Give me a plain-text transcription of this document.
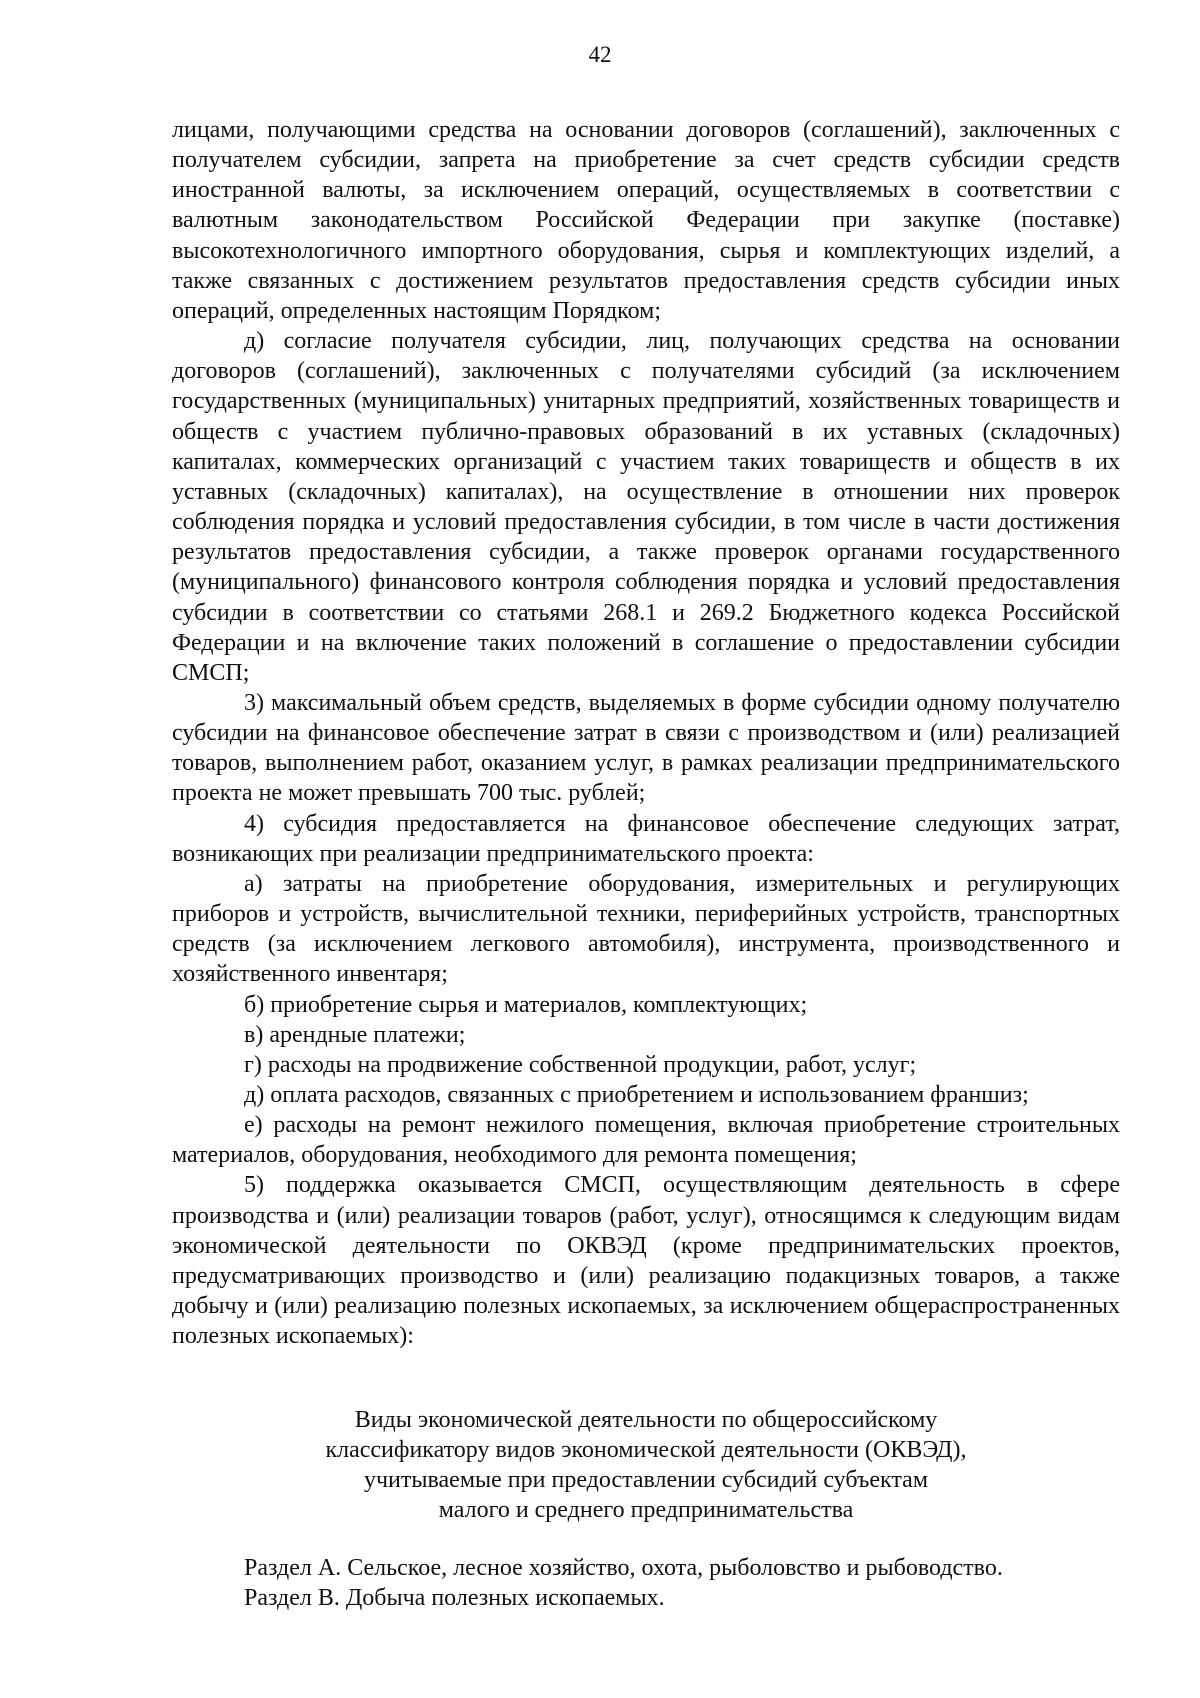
42

лицами, получающими средства на основании договоров (соглашений), заключенных с получателем субсидии, запрета на приобретение за счет средств субсидии средств иностранной валюты, за исключением операций, осуществляемых в соответствии с валютным законодательством Российской Федерации при закупке (поставке) высокотехнологичного импортного оборудования, сырья и комплектующих изделий, а также связанных с достижением результатов предоставления средств субсидии иных операций, определенных настоящим Порядком;

д) согласие получателя субсидии, лиц, получающих средства на основании договоров (соглашений), заключенных с получателями субсидий (за исключением государственных (муниципальных) унитарных предприятий, хозяйственных товариществ и обществ с участием публично-правовых образований в их уставных (складочных) капиталах, коммерческих организаций с участием таких товариществ и обществ в их уставных (складочных) капиталах), на осуществление в отношении них проверок соблюдения порядка и условий предоставления субсидии, в том числе в части достижения результатов предоставления субсидии, а также проверок органами государственного (муниципального) финансового контроля соблюдения порядка и условий предоставления субсидии в соответствии со статьями 268.1 и 269.2 Бюджетного кодекса Российской Федерации и на включение таких положений в соглашение о предоставлении субсидии СМСП;

3) максимальный объем средств, выделяемых в форме субсидии одному получателю субсидии на финансовое обеспечение затрат в связи с производством и (или) реализацией товаров, выполнением работ, оказанием услуг, в рамках реализации предпринимательского проекта не может превышать 700 тыс. рублей;

4) субсидия предоставляется на финансовое обеспечение следующих затрат, возникающих при реализации предпринимательского проекта:

а) затраты на приобретение оборудования, измерительных и регулирующих приборов и устройств, вычислительной техники, периферийных устройств, транспортных средств (за исключением легкового автомобиля), инструмента, производственного и хозяйственного инвентаря;

б) приобретение сырья и материалов, комплектующих;

в) арендные платежи;

г) расходы на продвижение собственной продукции, работ, услуг;

д) оплата расходов, связанных с приобретением и использованием франшиз;

е) расходы на ремонт нежилого помещения, включая приобретение строительных материалов, оборудования, необходимого для ремонта помещения;

5) поддержка оказывается СМСП, осуществляющим деятельность в сфере производства и (или) реализации товаров (работ, услуг), относящимся к следующим видам экономической деятельности по ОКВЭД (кроме предпринимательских проектов, предусматривающих производство и (или) реализацию подакцизных товаров, а также добычу и (или) реализацию полезных ископаемых, за исключением общераспространенных полезных ископаемых):

Виды экономической деятельности по общероссийскому
классификатору видов экономической деятельности (ОКВЭД),
учитываемые при предоставлении субсидий субъектам
малого и среднего предпринимательства
Раздел А. Сельское, лесное хозяйство, охота, рыболовство и рыбоводство.
Раздел В. Добыча полезных ископаемых.
